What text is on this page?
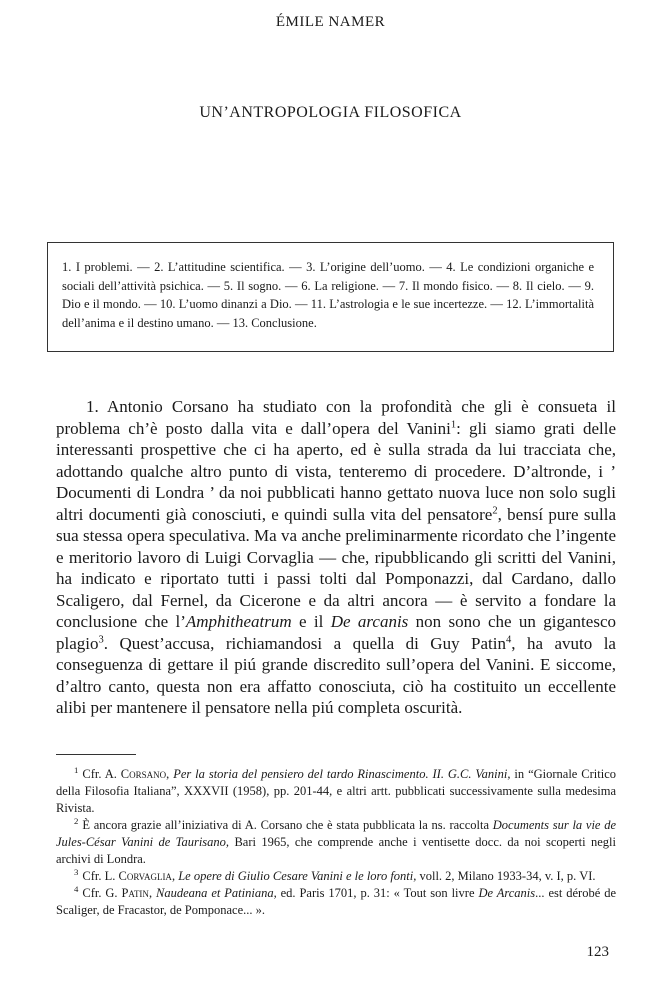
ÉMILE NAMER
UN’ANTROPOLOGIA FILOSOFICA
1. I problemi. — 2. L’attitudine scientifica. — 3. L’origine dell’uomo. — 4. Le condizioni organiche e sociali dell’attività psichica. — 5. Il sogno. — 6. La religione. — 7. Il mondo fisico. — 8. Il cielo. — 9. Dio e il mondo. — 10. L’uomo dinanzi a Dio. — 11. L’astrologia e le sue incertezze. — 12. L’immortalità dell’anima e il destino umano. — 13. Conclusione.
1. Antonio Corsano ha studiato con la profondità che gli è consueta il problema ch’è posto dalla vita e dall’opera del Vanini$^1$: gli siamo grati delle interessanti prospettive che ci ha aperto, ed è sulla strada da lui tracciata che, adottando qualche altro punto di vista, tenteremo di procedere. D’altronde, i ’ Documenti di Londra ’ da noi pubblicati hanno gettato nuova luce non solo sugli altri documenti già conosciuti, e quindi sulla vita del pensatore$^2$, bensí pure sulla sua stessa opera speculativa. Ma va anche preliminarmente ricordato che l’ingente e meritorio lavoro di Luigi Corvaglia — che, ripubblicando gli scritti del Vanini, ha indicato e riportato tutti i passi tolti dal Pomponazzi, dal Cardano, dallo Scaligero, dal Fernel, da Cicerone e da altri ancora — è servito a fondare la conclusione che l’Amphitheatrum e il De arcanis non sono che un gigantesco plagio$^3$. Quest’accusa, richiamandosi a quella di Guy Patin$^4$, ha avuto la conseguenza di gettare il piú grande discredito sull’opera del Vanini. E siccome, d’altro canto, questa non era affatto conosciuta, ciò ha costituito un eccellente alibi per mantenere il pensatore nella piú completa oscurità.

$^1$ Cfr. A. Corsano, Per la storia del pensiero del tardo Rinascimento. II. G.C. Vanini, in “Giornale Critico della Filosofia Italiana”, XXXVII (1958), pp. 201-44, e altri artt. pubblicati successivamente sulla medesima Rivista.

$^2$ È ancora grazie all’iniziativa di A. Corsano che è stata pubblicata la ns. raccolta Documents sur la vie de Jules-César Vanini de Taurisano, Bari 1965, che comprende anche i ventisette docc. da noi scoperti negli archivi di Londra.

$^3$ Cfr. L. Corvaglia, Le opere di Giulio Cesare Vanini e le loro fonti, voll. 2, Milano 1933-34, v. I, p. VI.

$^4$ Cfr. G. Patin, Naudeana et Patiniana, ed. Paris 1701, p. 31: « Tout son livre De Arcanis... est dérobé de Scaliger, de Fracastor, de Pomponace... ».

123
